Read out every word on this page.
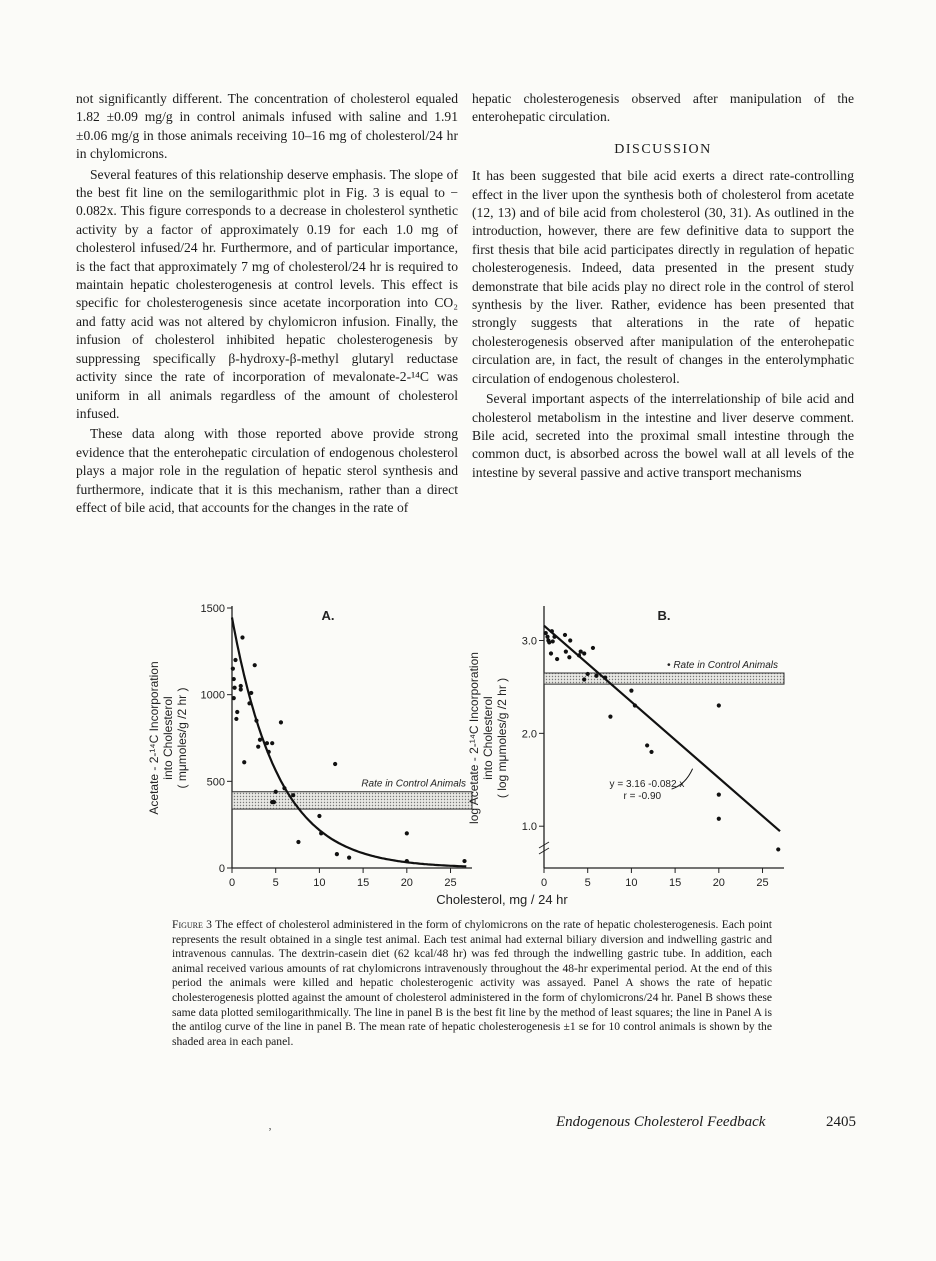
not significantly different. The concentration of cholesterol equaled 1.82 ±0.09 mg/g in control animals infused with saline and 1.91 ±0.06 mg/g in those animals receiving 10–16 mg of cholesterol/24 hr in chylomicrons.

Several features of this relationship deserve emphasis. The slope of the best fit line on the semilogarithmic plot in Fig. 3 is equal to − 0.082x. This figure corresponds to a decrease in cholesterol synthetic activity by a factor of approximately 0.19 for each 1.0 mg of cholesterol infused/24 hr. Furthermore, and of particular importance, is the fact that approximately 7 mg of cholesterol/24 hr is required to maintain hepatic cholesterogenesis at control levels. This effect is specific for cholesterogenesis since acetate incorporation into CO₂ and fatty acid was not altered by chylomicron infusion. Finally, the infusion of cholesterol inhibited hepatic cholesterogenesis by suppressing specifically β-hydroxy-β-methyl glutaryl reductase activity since the rate of incorporation of mevalonate-2-¹⁴C was uniform in all animals regardless of the amount of cholesterol infused.

These data along with those reported above provide strong evidence that the enterohepatic circulation of endogenous cholesterol plays a major role in the regulation of hepatic sterol synthesis and furthermore, indicate that it is this mechanism, rather than a direct effect of bile acid, that accounts for the changes in the rate of

hepatic cholesterogenesis observed after manipulation of the enterohepatic circulation.

DISCUSSION

It has been suggested that bile acid exerts a direct rate-controlling effect in the liver upon the synthesis both of cholesterol from acetate (12, 13) and of bile acid from cholesterol (30, 31). As outlined in the introduction, however, there are few definitive data to support the first thesis that bile acid participates directly in regulation of hepatic cholesterogenesis. Indeed, data presented in the present study demonstrate that bile acids play no direct role in the control of sterol synthesis by the liver. Rather, evidence has been presented that strongly suggests that alterations in the rate of hepatic cholesterogenesis observed after manipulation of the enterohepatic circulation are, in fact, the result of changes in the enterolymphatic circulation of endogenous cholesterol.

Several important aspects of the interrelationship of bile acid and cholesterol metabolism in the intestine and liver deserve comment. Bile acid, secreted into the proximal small intestine through the common duct, is absorbed across the bowel wall at all levels of the intestine by several passive and active transport mechanisms

0	5	10	15	20	25
0
500
1000
1500	A.
Acetate - 2-¹⁴C Incorporation into Cholesterol ( mμmoles/g /2 hr )	Rate in Control Animals
0	5	10	15	20	25
1.0
2.0
3.0
B.
log Acetate - 2-¹⁴C Incorporation into Cholesterol ( log mμmoles/g /2 hr )
• Rate in Control Animals
y = 3.16 -0.082 x
r = -0.90
Cholesterol, mg / 24 hr
Figure 3 The effect of cholesterol administered in the form of chylomicrons on the rate of hepatic cholesterogenesis. Each point represents the result obtained in a single test animal. Each test animal had external biliary diversion and indwelling gastric and intravenous cannulas. The dextrin-casein diet (62 kcal/48 hr) was fed through the indwelling gastric tube. In addition, each animal received various amounts of rat chylomicrons intravenously throughout the 48-hr experimental period. At the end of this period the animals were killed and hepatic cholesterogenic activity was assayed. Panel A shows the rate of hepatic cholesterogenesis plotted against the amount of cholesterol administered in the form of chylomicrons/24 hr. Panel B shows these same data plotted semilogarithmically. The line in panel B is the best fit line by the method of least squares; the line in Panel A is the antilog curve of the line in panel B. The mean rate of hepatic cholesterogenesis ±1 se for 10 control animals is shown by the shaded area in each panel.
‚	Endogenous Cholesterol Feedback	2405
